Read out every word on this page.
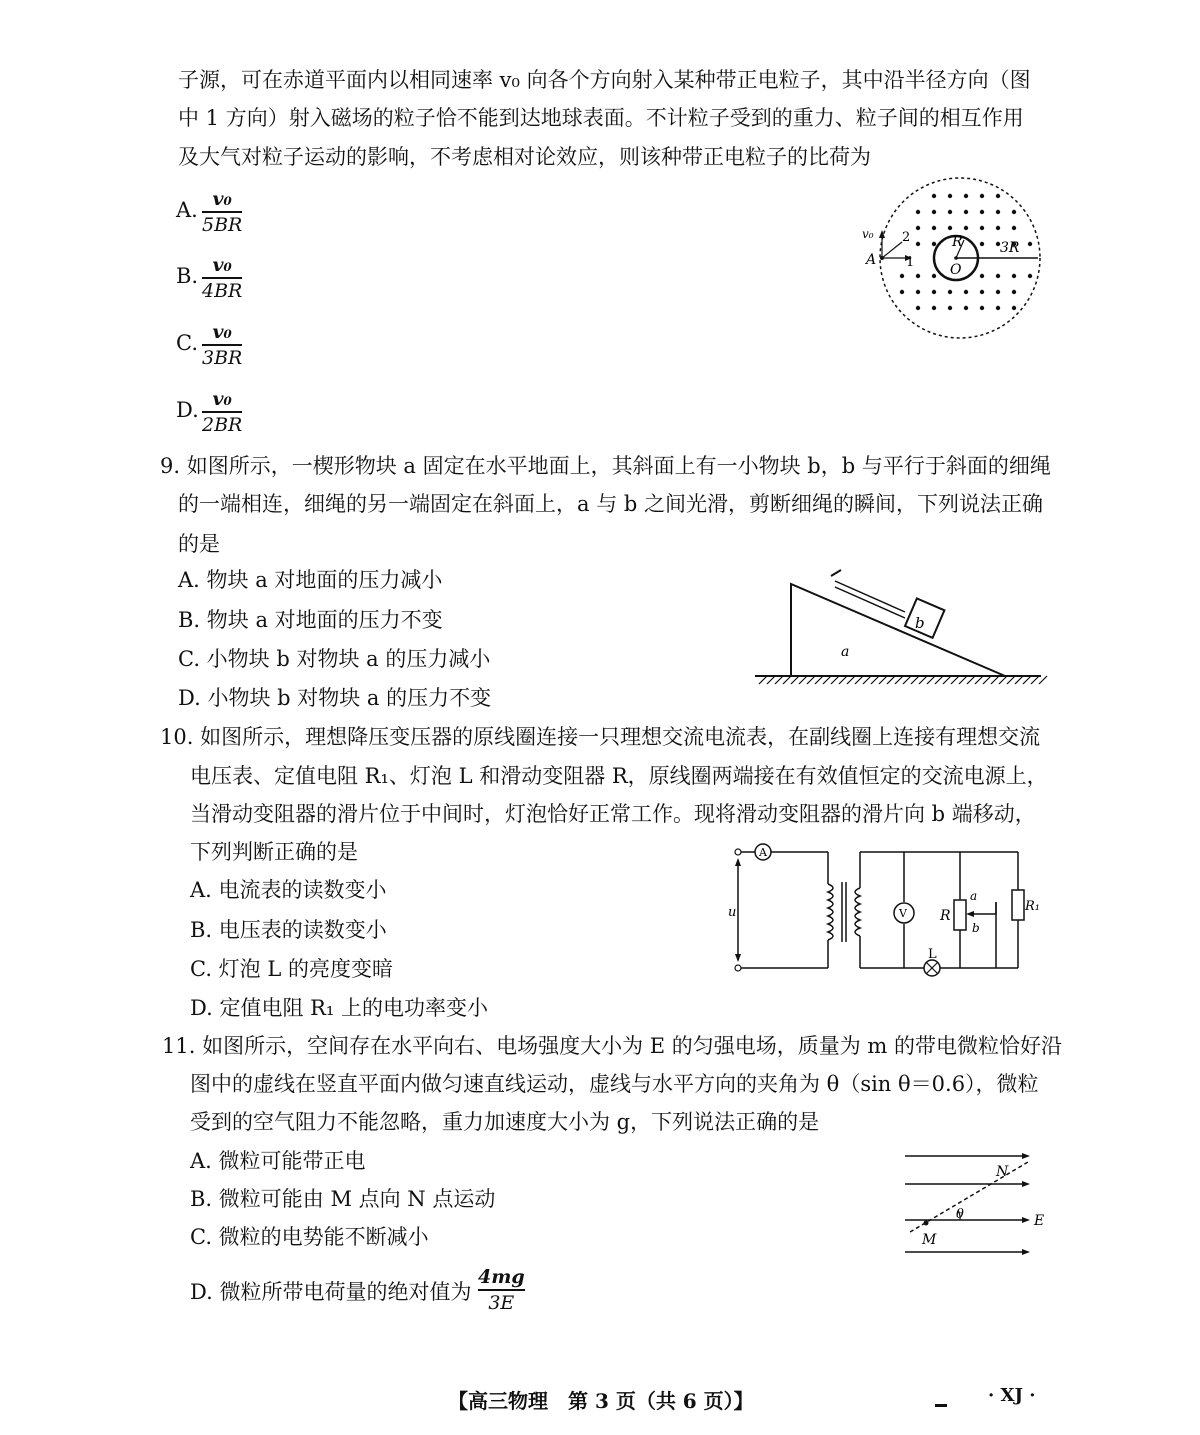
子源，可在赤道平面内以相同速率 v₀ 向各个方向射入某种带正电粒子，其中沿半径方向（图
中 1 方向）射入磁场的粒子恰不能到达地球表面。不计粒子受到的重力、粒子间的相互作用
及大气对粒子运动的影响，不考虑相对论效应，则该种带正电粒子的比荷为
A. v₀
5BR
B. v₀
4BR
C. v₀
3BR
D. v₀
2BR
v₀ 2
1
A
R
O
3R
9. 如图所示，一楔形物块 a 固定在水平地面上，其斜面上有一小物块 b，b 与平行于斜面的细绳
的一端相连，细绳的另一端固定在斜面上，a 与 b 之间光滑，剪断细绳的瞬间，下列说法正确
的是
A. 物块 a 对地面的压力减小
B. 物块 a 对地面的压力不变
C. 小物块 b 对物块 a 的压力减小
D. 小物块 b 对物块 a 的压力不变
b
a
10. 如图所示，理想降压变压器的原线圈连接一只理想交流电流表，在副线圈上连接有理想交流
电压表、定值电阻 R₁、灯泡 L 和滑动变阻器 R，原线圈两端接在有效值恒定的交流电源上，
当滑动变阻器的滑片位于中间时，灯泡恰好正常工作。现将滑动变阻器的滑片向 b 端移动，
下列判断正确的是
A. 电流表的读数变小
B. 电压表的读数变小
C. 灯泡 L 的亮度变暗
D. 定值电阻 R₁ 上的电功率变小
A
V
L
u	R
a
b
R₁
11. 如图所示，空间存在水平向右、电场强度大小为 E 的匀强电场，质量为 m 的带电微粒恰好沿
图中的虚线在竖直平面内做匀速直线运动，虚线与水平方向的夹角为 θ（sin θ＝0.6），微粒
受到的空气阻力不能忽略，重力加速度大小为 g，下列说法正确的是
A. 微粒可能带正电
B. 微粒可能由 M 点向 N 点运动
C. 微粒的电势能不断减小
D. 微粒所带电荷量的绝对值为
4mg
3E
N
M
θ	E
【高三物理　第 3 页（共 6 页）】	· XJ ·
